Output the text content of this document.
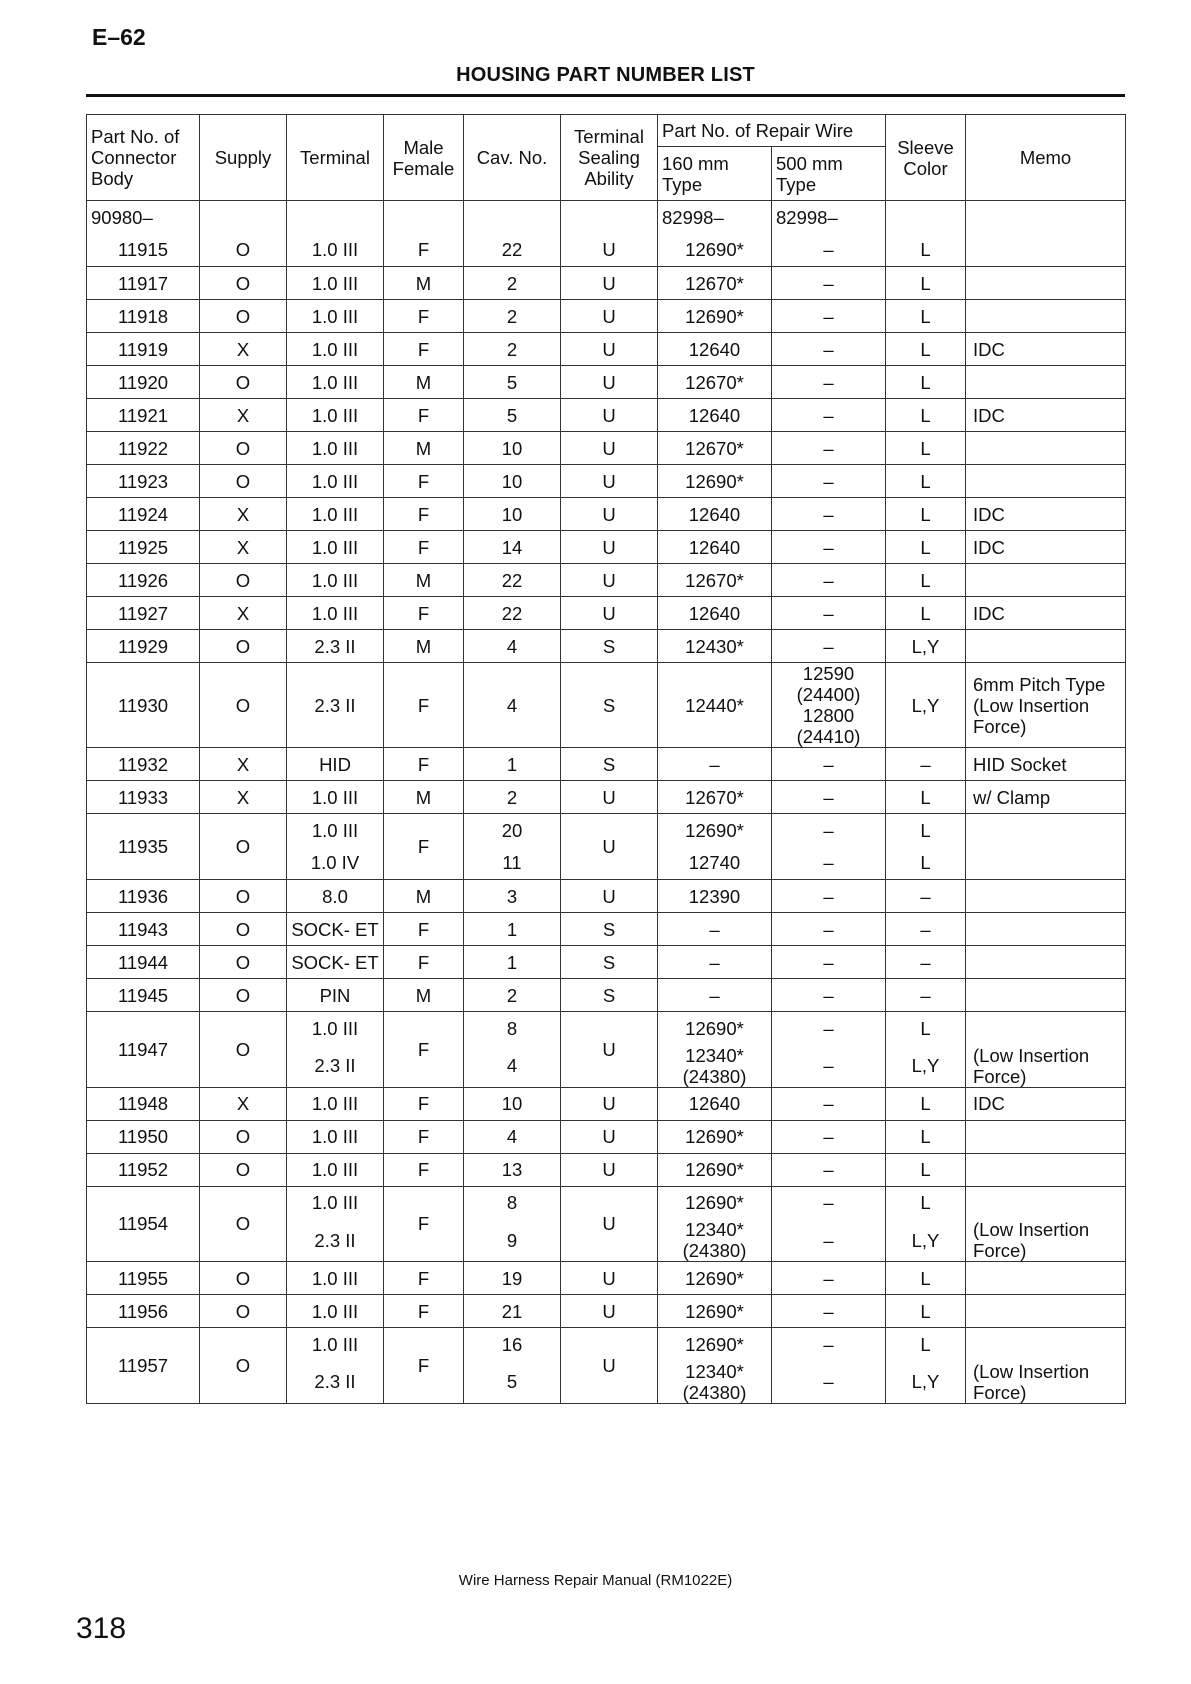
E–62
HOUSING PART NUMBER LIST
Part No. of Connector Body	Supply	Terminal	Male Female	Cav. No.	Terminal Sealing Ability	Part No. of Repair Wire		Sleeve Color	Memo
						160 mm Type	500 mm Type		
90980–						82998–	82998–		
11915	O	1.0 III	F	22	U	12690*	–	L	
11917	O	1.0 III	M	2	U	12670*	–	L	
11918	O	1.0 III	F	2	U	12690*	–	L	
11919	X	1.0 III	F	2	U	12640	–	L	IDC
11920	O	1.0 III	M	5	U	12670*	–	L	
11921	X	1.0 III	F	5	U	12640	–	L	IDC
11922	O	1.0 III	M	10	U	12670*	–	L	
11923	O	1.0 III	F	10	U	12690*	–	L	
11924	X	1.0 III	F	10	U	12640	–	L	IDC
11925	X	1.0 III	F	14	U	12640	–	L	IDC
11926	O	1.0 III	M	22	U	12670*	–	L	
11927	X	1.0 III	F	22	U	12640	–	L	IDC
11929	O	2.3 II	M	4	S	12430*	–	L,Y	
11930	O	2.3 II	F	4	S	12440*	12590 (24400) 12800 (24410)	L,Y	6mm Pitch Type (Low Insertion Force)
11932	X	HID	F	1	S	–	–	–	HID Socket
11933	X	1.0 III	M	2	U	12670*	–	L	w/ Clamp
11935	O	1.0 III	F	20	U	12690*	–	L	
		1.0 IV		11		12740	–	L	
11936	O	8.0	M	3	U	12390	–	–	
11943	O	SOCK- ET	F	1	S	–	–	–	
11944	O	SOCK- ET	F	1	S	–	–	–	
11945	O	PIN	M	2	S	–	–	–	
11947	O	1.0 III	F	8	U	12690*	–	L	
		2.3 II		4		12340* (24380)	–	L,Y	(Low Insertion Force)
11948	X	1.0 III	F	10	U	12640	–	L	IDC
11950	O	1.0 III	F	4	U	12690*	–	L	
11952	O	1.0 III	F	13	U	12690*	–	L	
11954	O	1.0 III	F	8	U	12690*	–	L	
		2.3 II		9		12340* (24380)	–	L,Y	(Low Insertion Force)
11955	O	1.0 III	F	19	U	12690*	–	L	
11956	O	1.0 III	F	21	U	12690*	–	L	
11957	O	1.0 III	F	16	U	12690*	–	L	
		2.3 II		5		12340* (24380)	–	L,Y	(Low Insertion Force)
Wire Harness Repair Manual (RM1022E)
318
